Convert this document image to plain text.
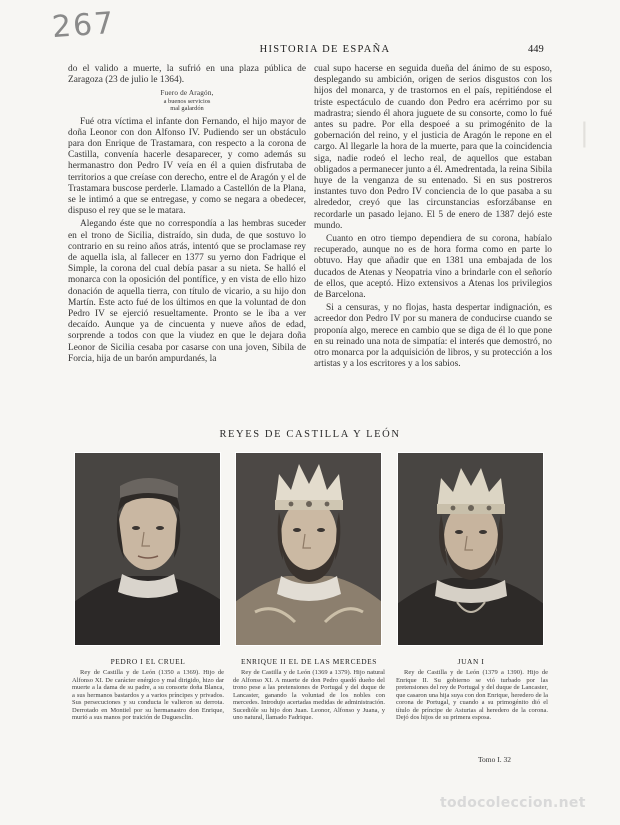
267
HISTORIA DE ESPAÑA	449

do el valido a muerte, la sufrió en una plaza pública de Zaragoza (23 de julio le 1364).

Fuero de Aragón,
a buenos servicios
mal galardón

Fué otra víctima el infante don Fernando, el hijo mayor de doña Leonor con don Alfonso IV. Pudiendo ser un obstáculo para don Enrique de Trastamara, con respecto a la corona de Castilla, convenía hacerle desaparecer, y como además su hermanastro don Pedro IV veía en él a quien disfrutaba de territorios a que creíase con derecho, entre el de Aragón y el de Trastamara buscose perderle. Llamado a Castellón de la Plana, se le intimó a que se entregase, y como se negara a obedecer, dispuso el rey que se le matara.

Alegando éste que no correspondía a las hembras suceder en el trono de Sicilia, distraído, sin duda, de que sostuvo lo contrario en su reino años atrás, intentó que se proclamase rey de aquella isla, al fallecer en 1377 su yerno don Fadrique el Simple, la corona del cual debía pasar a su nieta. Se halló el monarca con la oposición del pontífice, y en vista de ello hizo donación de aquella tierra, con título de vicario, a su hijo don Martín. Este acto fué de los últimos en que la voluntad de don Pedro IV se ejerció resueltamente. Pronto se le iba a ver decaído. Aunque ya de cincuenta y nueve años de edad, sorprende a todos con que la viudez en que le dejara doña Leonor de Sicilia cesaba por casarse con una joven, Sibila de Forcia, hija de un barón ampurdanés, la

cual supo hacerse en seguida dueña del ánimo de su esposo, desplegando su ambición, origen de serios disgustos con los hijos del monarca, y de trastornos en el país, repitiéndose el triste espectáculo de cuando don Pedro era acérrimo por su madrastra; siendo él ahora juguete de su consorte, como lo fué antes su padre. Por ella despoeé a su primogénito de la gobernación del reino, y el justicia de Aragón le repone en el cargo. Al llegarle la hora de la muerte, para que la coincidencia siga, nadie rodeó el lecho real, de aquellos que estaban obligados a permanecer junto a él. Amedrentada, la reina Sibila huye de la venganza de su entenado. Si en sus postreros instantes tuvo don Pedro IV conciencia de lo que pasaba a su alrededor, creyó que las circunstancias esforzábanse en recordarle un pasado lejano. El 5 de enero de 1387 dejó este mundo.

Cuanto en otro tiempo dependiera de su corona, habíalo recuperado, aunque no es de hora forma como en parte lo obtuvo. Hay que añadir que en 1381 una embajada de los ducados de Atenas y Neopatria vino a brindarle con el señorío de ellos, que aceptó. Hizo extensivos a Atenas los privilegios de Barcelona.

Si a censuras, y no flojas, hasta despertar indignación, es acreedor don Pedro IV por su manera de conducirse cuando se proponía algo, merece en cambio que se diga de él lo que pone en su reinado una nota de simpatía: el interés que demostró, no otro monarca por la adquisición de libros, y su protección a los artistas y a los escritores y a los sabios.

|
REYES DE CASTILLA Y LEÓN
PEDRO I EL CRUEL	ENRIQUE II EL DE LAS MERCEDES	JUAN I

Rey de Castilla y de León (1350 a 1369). Hijo de Alfonso XI. De carácter enérgico y mal dirigido, hizo dar muerte a la dama de su padre, a su consorte doña Blanca, a sus hermanos bastardos y a varios príncipes y privados. Sus persecuciones y su conducta le valieron su derrota. Derrotado en Montiel por su hermanastro don Enrique, murió a sus manos por traición de Duguesclin.

Rey de Castilla y de León (1369 a 1379). Hijo natural de Alfonso XI. A muerte de don Pedro quedó dueño del trono pese a las pretensiones de Portugal y del duque de Lancaster, ganando la voluntad de los nobles con mercedes. Introdujo acertadas medidas de administración. Sucedióle su hijo don Juan. Leonor, Alfonso y Juana, y uno natural, llamado Fadrique.

Rey de Castilla y de León (1379 a 1390). Hijo de Enrique II. Su gobierno se vió turbado por las pretensiones del rey de Portugal y del duque de Lancaster, que casaron una hija suya con don Enrique, heredero de la corona de Portugal, y cuando a su primogénito dió el título de príncipe de Asturias al heredero de la corona. Dejó dos hijos de su primera esposa.

Tomo I. 32
todocoleccion.net
